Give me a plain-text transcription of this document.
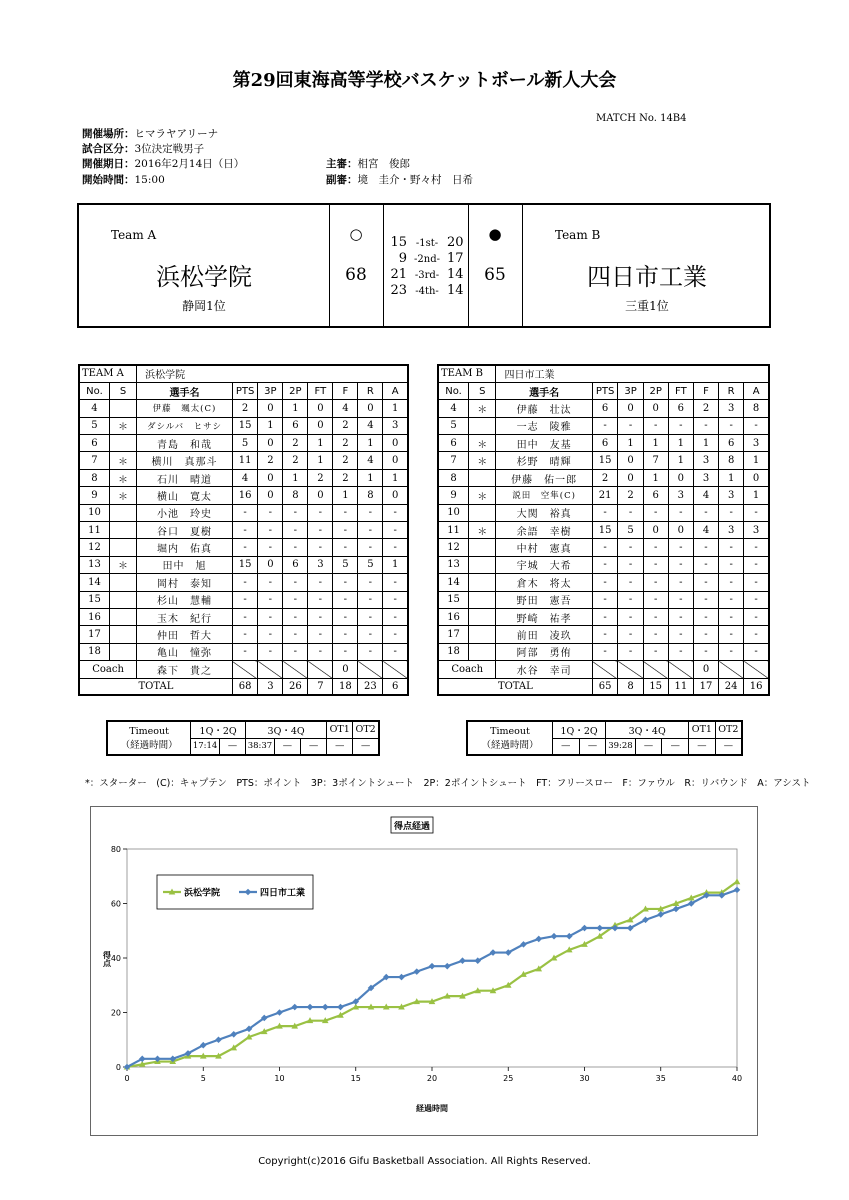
第29回東海高等学校バスケットボール新人大会
MATCH No. 14B4
開催場所：ヒマラヤアリーナ
試合区分：3位決定戦男子
開催期日：2016年2月14日（日）
開始時間：15:00
主審：相宮　俊郎
副審：境　圭介・野々村　日希
Team A
浜松学院
静岡1位
○
68
15 -1st- 20
9 -2nd- 17
21 -3rd- 14
23 -4th- 14
●
65
Team B
四日市工業
三重1位
TEAM A		浜松学院							
No.	S	選手名	PTS	3P	2P	FT	F	R	A
4		伊藤　颯太(C)	2	0	1	0	4	0	1
5	＊	ダシルバ　ヒサシ	15	1	6	0	2	4	3
6		青島　和哉	5	0	2	1	2	1	0
7	＊	横川　真那斗	11	2	2	1	2	4	0
8	＊	石川　晴道	4	0	1	2	2	1	1
9	＊	横山　寛太	16	0	8	0	1	8	0
10		小池　玲史	-	-	-	-	-	-	-
11		谷口　夏樹	-	-	-	-	-	-	-
12		堀内　佑真	-	-	-	-	-	-	-
13	＊	田中　旭	15	0	6	3	5	5	1
14		岡村　泰知	-	-	-	-	-	-	-
15		杉山　慧輔	-	-	-	-	-	-	-
16		玉木　紀行	-	-	-	-	-	-	-
17		仲田　哲大	-	-	-	-	-	-	-
18		亀山　憧弥	-	-	-	-	-	-	-
Coach		森下　貴之					0		
TOTAL			68	3	26	7	18	23	6
TEAM B		四日市工業							
No.	S	選手名	PTS	3P	2P	FT	F	R	A
4	＊	伊藤　壮汰	6	0	0	6	2	3	8
5		一志　陵雅	-	-	-	-	-	-	-
6	＊	田中　友基	6	1	1	1	1	6	3
7	＊	杉野　晴輝	15	0	7	1	3	8	1
8		伊藤　佑一郎	2	0	1	0	3	1	0
9	＊	説田　空隼(C)	21	2	6	3	4	3	1
10		大関　裕真	-	-	-	-	-	-	-
11	＊	余語　幸樹	15	5	0	0	4	3	3
12		中村　憲真	-	-	-	-	-	-	-
13		宇城　大希	-	-	-	-	-	-	-
14		倉木　将太	-	-	-	-	-	-	-
15		野田　憲吾	-	-	-	-	-	-	-
16		野崎　祐孝	-	-	-	-	-	-	-
17		前田　凌玖	-	-	-	-	-	-	-
18		阿部　勇侑	-	-	-	-	-	-	-
Coach		水谷　幸司					0		
TOTAL			65	8	15	11	17	24	16
Timeout
（経過時間）	1Q・2Q		3Q・4Q			OT1	OT2
	17:14	―	38:37	―	―	―	―
Timeout
（経過時間）	1Q・2Q		3Q・4Q			OT1	OT2
	―	―	39:28	―	―	―	―
*：スターター　(C)：キャプテン　PTS：ポイント　3P：3ポイントシュート　2P：2ポイントシュート　FT：フリースロー　F：ファウル　R：リバウンド　A：アシスト
得点経過
0
20
40
60
80
0	5	10	15	20	25	30	35	40
経過時間
得点
浜松学院	四日市工業
Copyright(c)2016 Gifu Basketball Association. All Rights Reserved.
